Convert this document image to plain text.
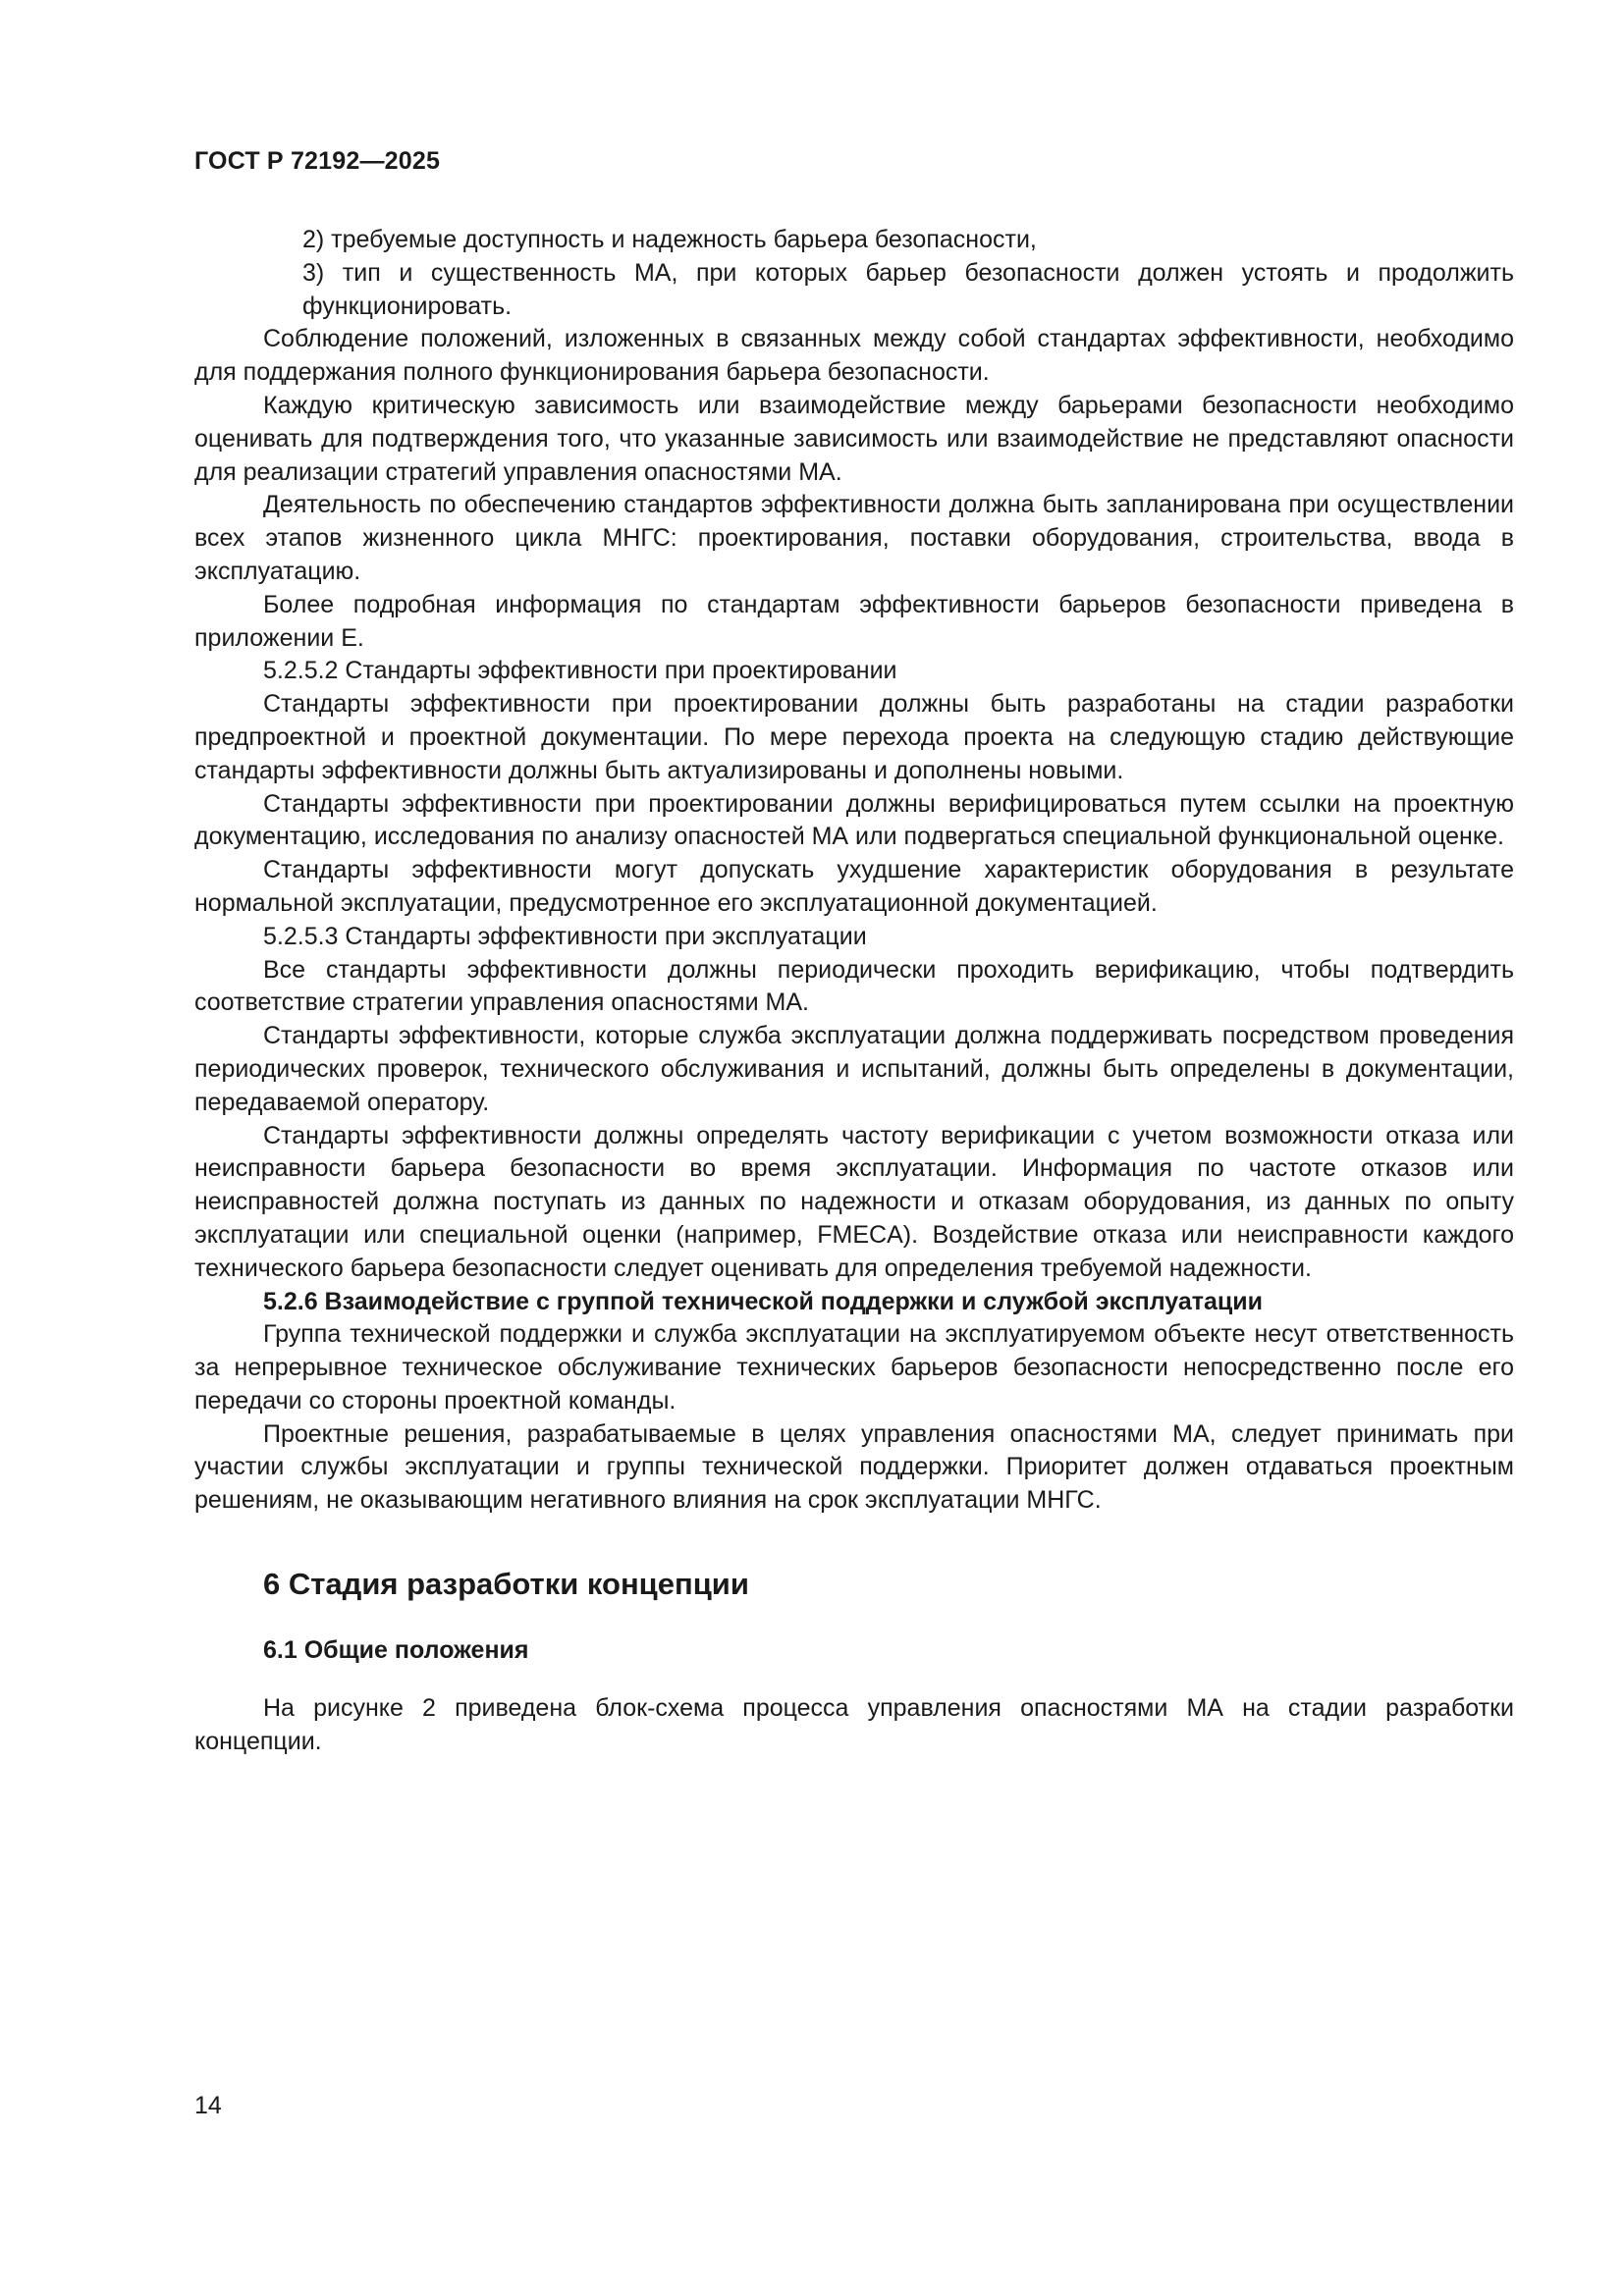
ГОСТ Р 72192—2025

2) требуемые доступность и надежность барьера безопасности,

3) тип и существенность МА, при которых барьер безопасности должен устоять и продолжить функционировать.

Соблюдение положений, изложенных в связанных между собой стандартах эффективности, необходимо для поддержания полного функционирования барьера безопасности.

Каждую критическую зависимость или взаимодействие между барьерами безопасности необходимо оценивать для подтверждения того, что указанные зависимость или взаимодействие не представляют опасности для реализации стратегий управления опасностями МА.

Деятельность по обеспечению стандартов эффективности должна быть запланирована при осуществлении всех этапов жизненного цикла МНГС: проектирования, поставки оборудования, строительства, ввода в эксплуатацию.

Более подробная информация по стандартам эффективности барьеров безопасности приведена в приложении Е.

5.2.5.2 Стандарты эффективности при проектировании

Стандарты эффективности при проектировании должны быть разработаны на стадии разработки предпроектной и проектной документации. По мере перехода проекта на следующую стадию действующие стандарты эффективности должны быть актуализированы и дополнены новыми.

Стандарты эффективности при проектировании должны верифицироваться путем ссылки на проектную документацию, исследования по анализу опасностей МА или подвергаться специальной функциональной оценке.

Стандарты эффективности могут допускать ухудшение характеристик оборудования в результате нормальной эксплуатации, предусмотренное его эксплуатационной документацией.

5.2.5.3 Стандарты эффективности при эксплуатации

Все стандарты эффективности должны периодически проходить верификацию, чтобы подтвердить соответствие стратегии управления опасностями МА.

Стандарты эффективности, которые служба эксплуатации должна поддерживать посредством проведения периодических проверок, технического обслуживания и испытаний, должны быть определены в документации, передаваемой оператору.

Стандарты эффективности должны определять частоту верификации с учетом возможности отказа или неисправности барьера безопасности во время эксплуатации. Информация по частоте отказов или неисправностей должна поступать из данных по надежности и отказам оборудования, из данных по опыту эксплуатации или специальной оценки (например, FMECA). Воздействие отказа или неисправности каждого технического барьера безопасности следует оценивать для определения требуемой надежности.

5.2.6 Взаимодействие с группой технической поддержки и службой эксплуатации

Группа технической поддержки и служба эксплуатации на эксплуатируемом объекте несут ответственность за непрерывное техническое обслуживание технических барьеров безопасности непосредственно после его передачи со стороны проектной команды.

Проектные решения, разрабатываемые в целях управления опасностями МА, следует принимать при участии службы эксплуатации и группы технической поддержки. Приоритет должен отдаваться проектным решениям, не оказывающим негативного влияния на срок эксплуатации МНГС.

6 Стадия разработки концепции
6.1 Общие положения

На рисунке 2 приведена блок-схема процесса управления опасностями МА на стадии разработки концепции.

14
